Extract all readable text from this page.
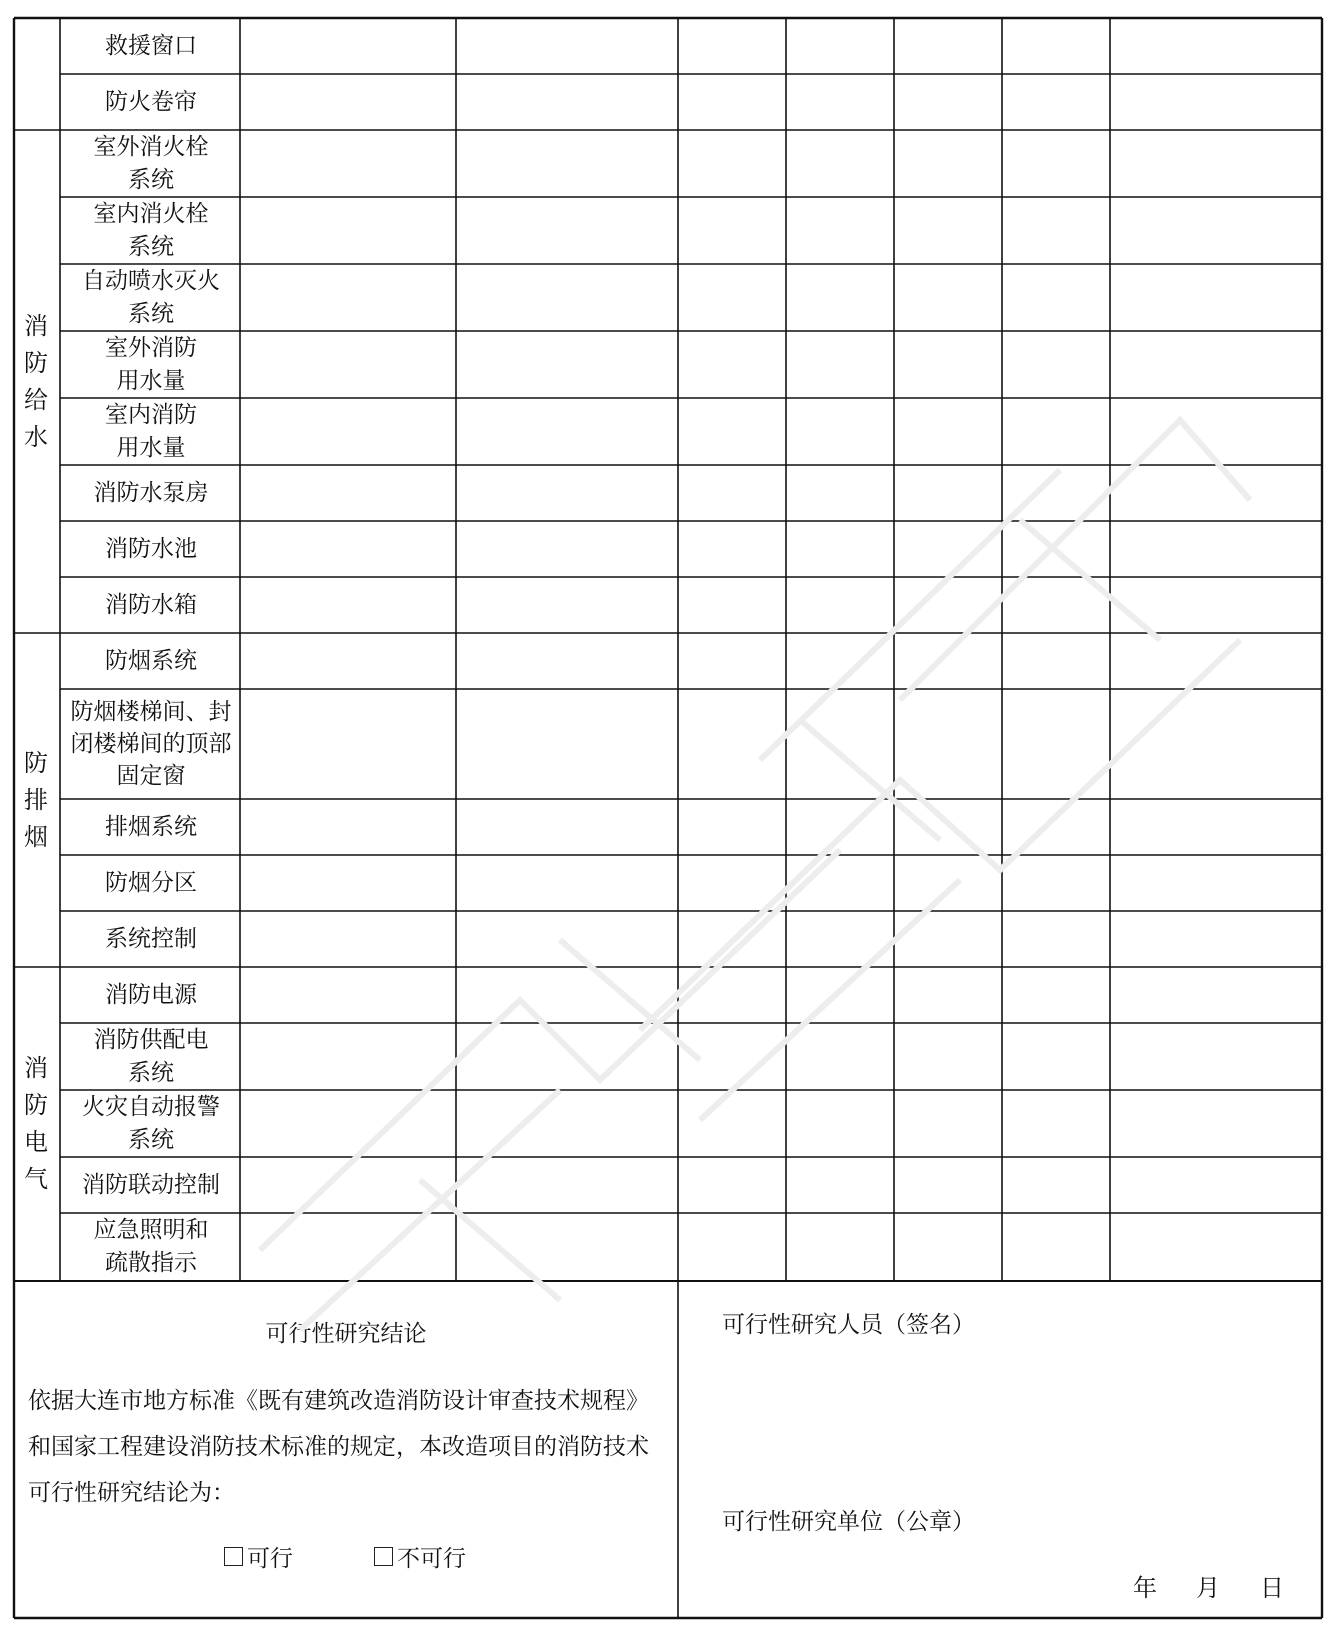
救援窗口
防火卷帘
室外消火栓
系统
室内消火栓
系统
自动喷水灭火
系统
室外消防
用水量
室内消防
用水量
消防水泵房
消防水池
消防水箱
消
防
给
水
防烟系统
防烟楼梯间、封
闭楼梯间的顶部
固定窗
排烟系统
防烟分区
系统控制
防
排
烟
消防电源
消防供配电
系统
火灾自动报警
系统
消防联动控制
应急照明和
疏散指示
消
防
电
气
可行性研究结论
依据大连市地方标准《既有建筑改造消防设计审查技术规程》和国家工程建设消防技术标准的规定，本改造项目的消防技术可行性研究结论为：
可行	不可行
可行性研究人员（签名）
可行性研究单位（公章）
年 月 日
